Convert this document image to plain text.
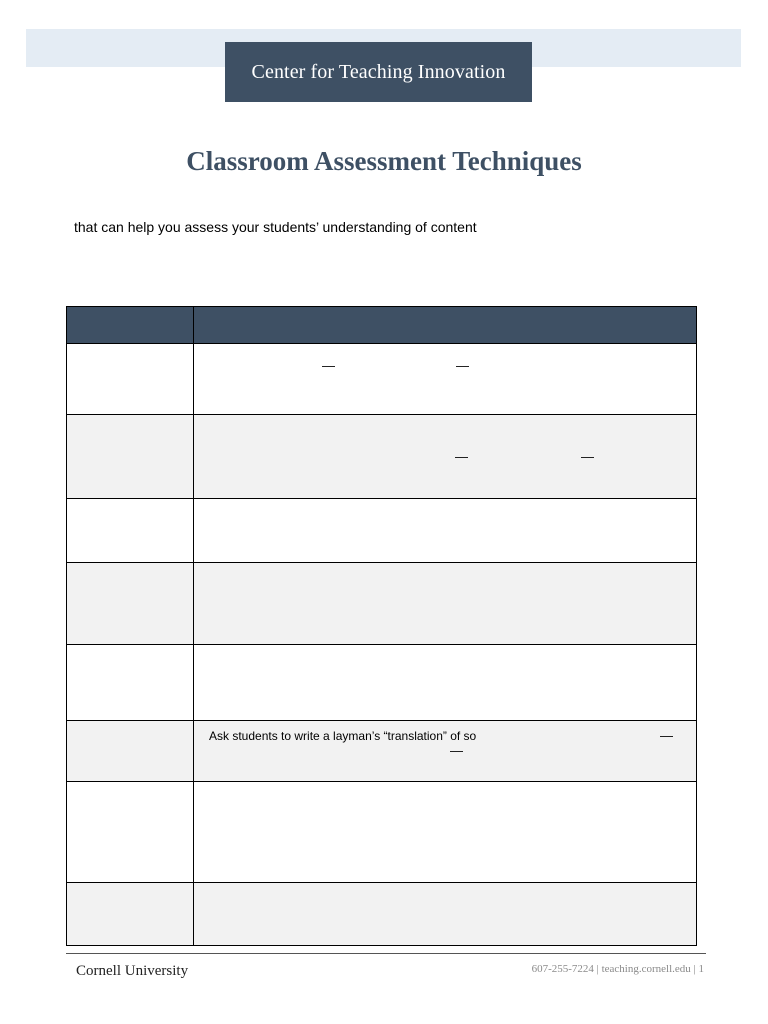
Center for Teaching Innovation
Classroom Assessment Techniques
that can help you assess your students’ understanding of content

	— —

	— —

	Ask students to write a layman’s “translation” of so —
—

Cornell University	607-255-7224 | teaching.cornell.edu | 1
